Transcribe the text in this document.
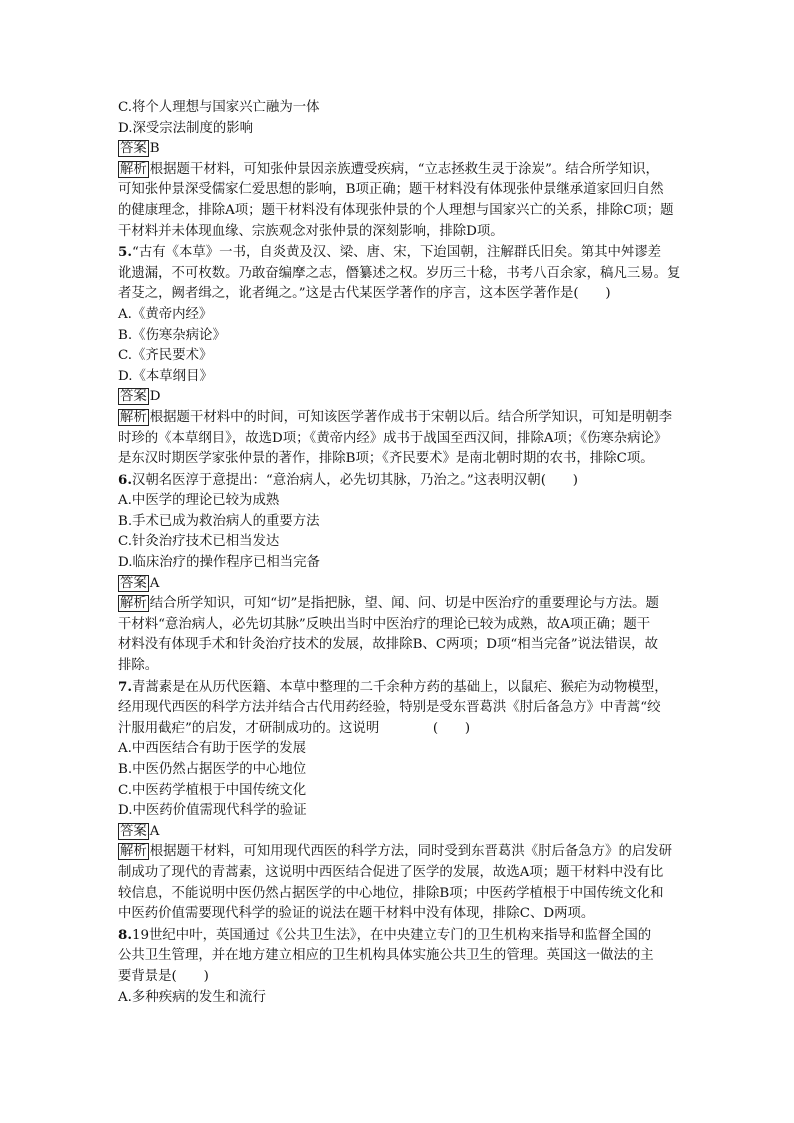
C.将个人理想与国家兴亡融为一体
D.深受宗法制度的影响
答案 B
解析 根据题干材料，可知张仲景因亲族遭受疾病，“立志拯救生灵于涂炭”。结合所学知识，
可知张仲景深受儒家仁爱思想的影响，B项正确；题干材料没有体现张仲景继承道家回归自然
的健康理念，排除A项；题干材料没有体现张仲景的个人理想与国家兴亡的关系，排除C项；题
干材料并未体现血缘、宗族观念对张仲景的深刻影响，排除D项。
5.“古有《本草》一书，自炎黄及汉、梁、唐、宋，下迨国朝，注解群氏旧矣。第其中舛谬差
讹遗漏，不可枚数。乃敢奋编摩之志，僭纂述之权。岁历三十稔，书考八百余家，稿凡三易。复
者芟之，阙者缉之，讹者绳之。”这是古代某医学著作的序言，这本医学著作是(　　)
A.《黄帝内经》
B.《伤寒杂病论》
C.《齐民要术》
D.《本草纲目》
答案 D
解析 根据题干材料中的时间，可知该医学著作成书于宋朝以后。结合所学知识，可知是明朝李
时珍的《本草纲目》，故选D项；《黄帝内经》成书于战国至西汉间，排除A项；《伤寒杂病论》
是东汉时期医学家张仲景的著作，排除B项；《齐民要术》是南北朝时期的农书，排除C项。
6.汉朝名医淳于意提出：“意治病人，必先切其脉，乃治之。”这表明汉朝(　　)
A.中医学的理论已较为成熟
B.手术已成为救治病人的重要方法
C.针灸治疗技术已相当发达
D.临床治疗的操作程序已相当完备
答案 A
解析 结合所学知识，可知“切”是指把脉，望、闻、问、切是中医治疗的重要理论与方法。题
干材料“意治病人，必先切其脉”反映出当时中医治疗的理论已较为成熟，故A项正确；题干
材料没有体现手术和针灸治疗技术的发展，故排除B、C两项；D项“相当完备”说法错误，故
排除。
7.青蒿素是在从历代医籍、本草中整理的二千余种方药的基础上，以鼠疟、猴疟为动物模型，
经用现代西医的科学方法并结合古代用药经验，特别是受东晋葛洪《肘后备急方》中青蒿“绞
汁服用截疟”的启发，才研制成功的。这说明　　　　(　　)
A.中西医结合有助于医学的发展
B.中医仍然占据医学的中心地位
C.中医药学植根于中国传统文化
D.中医药价值需现代科学的验证
答案 A
解析 根据题干材料，可知用现代西医的科学方法，同时受到东晋葛洪《肘后备急方》的启发研
制成功了现代的青蒿素，这说明中西医结合促进了医学的发展，故选A项；题干材料中没有比
较信息，不能说明中医仍然占据医学的中心地位，排除B项；中医药学植根于中国传统文化和
中医药价值需要现代科学的验证的说法在题干材料中没有体现，排除C、D两项。
8.19世纪中叶，英国通过《公共卫生法》，在中央建立专门的卫生机构来指导和监督全国的
公共卫生管理，并在地方建立相应的卫生机构具体实施公共卫生的管理。英国这一做法的主
要背景是(　　)
A.多种疾病的发生和流行
